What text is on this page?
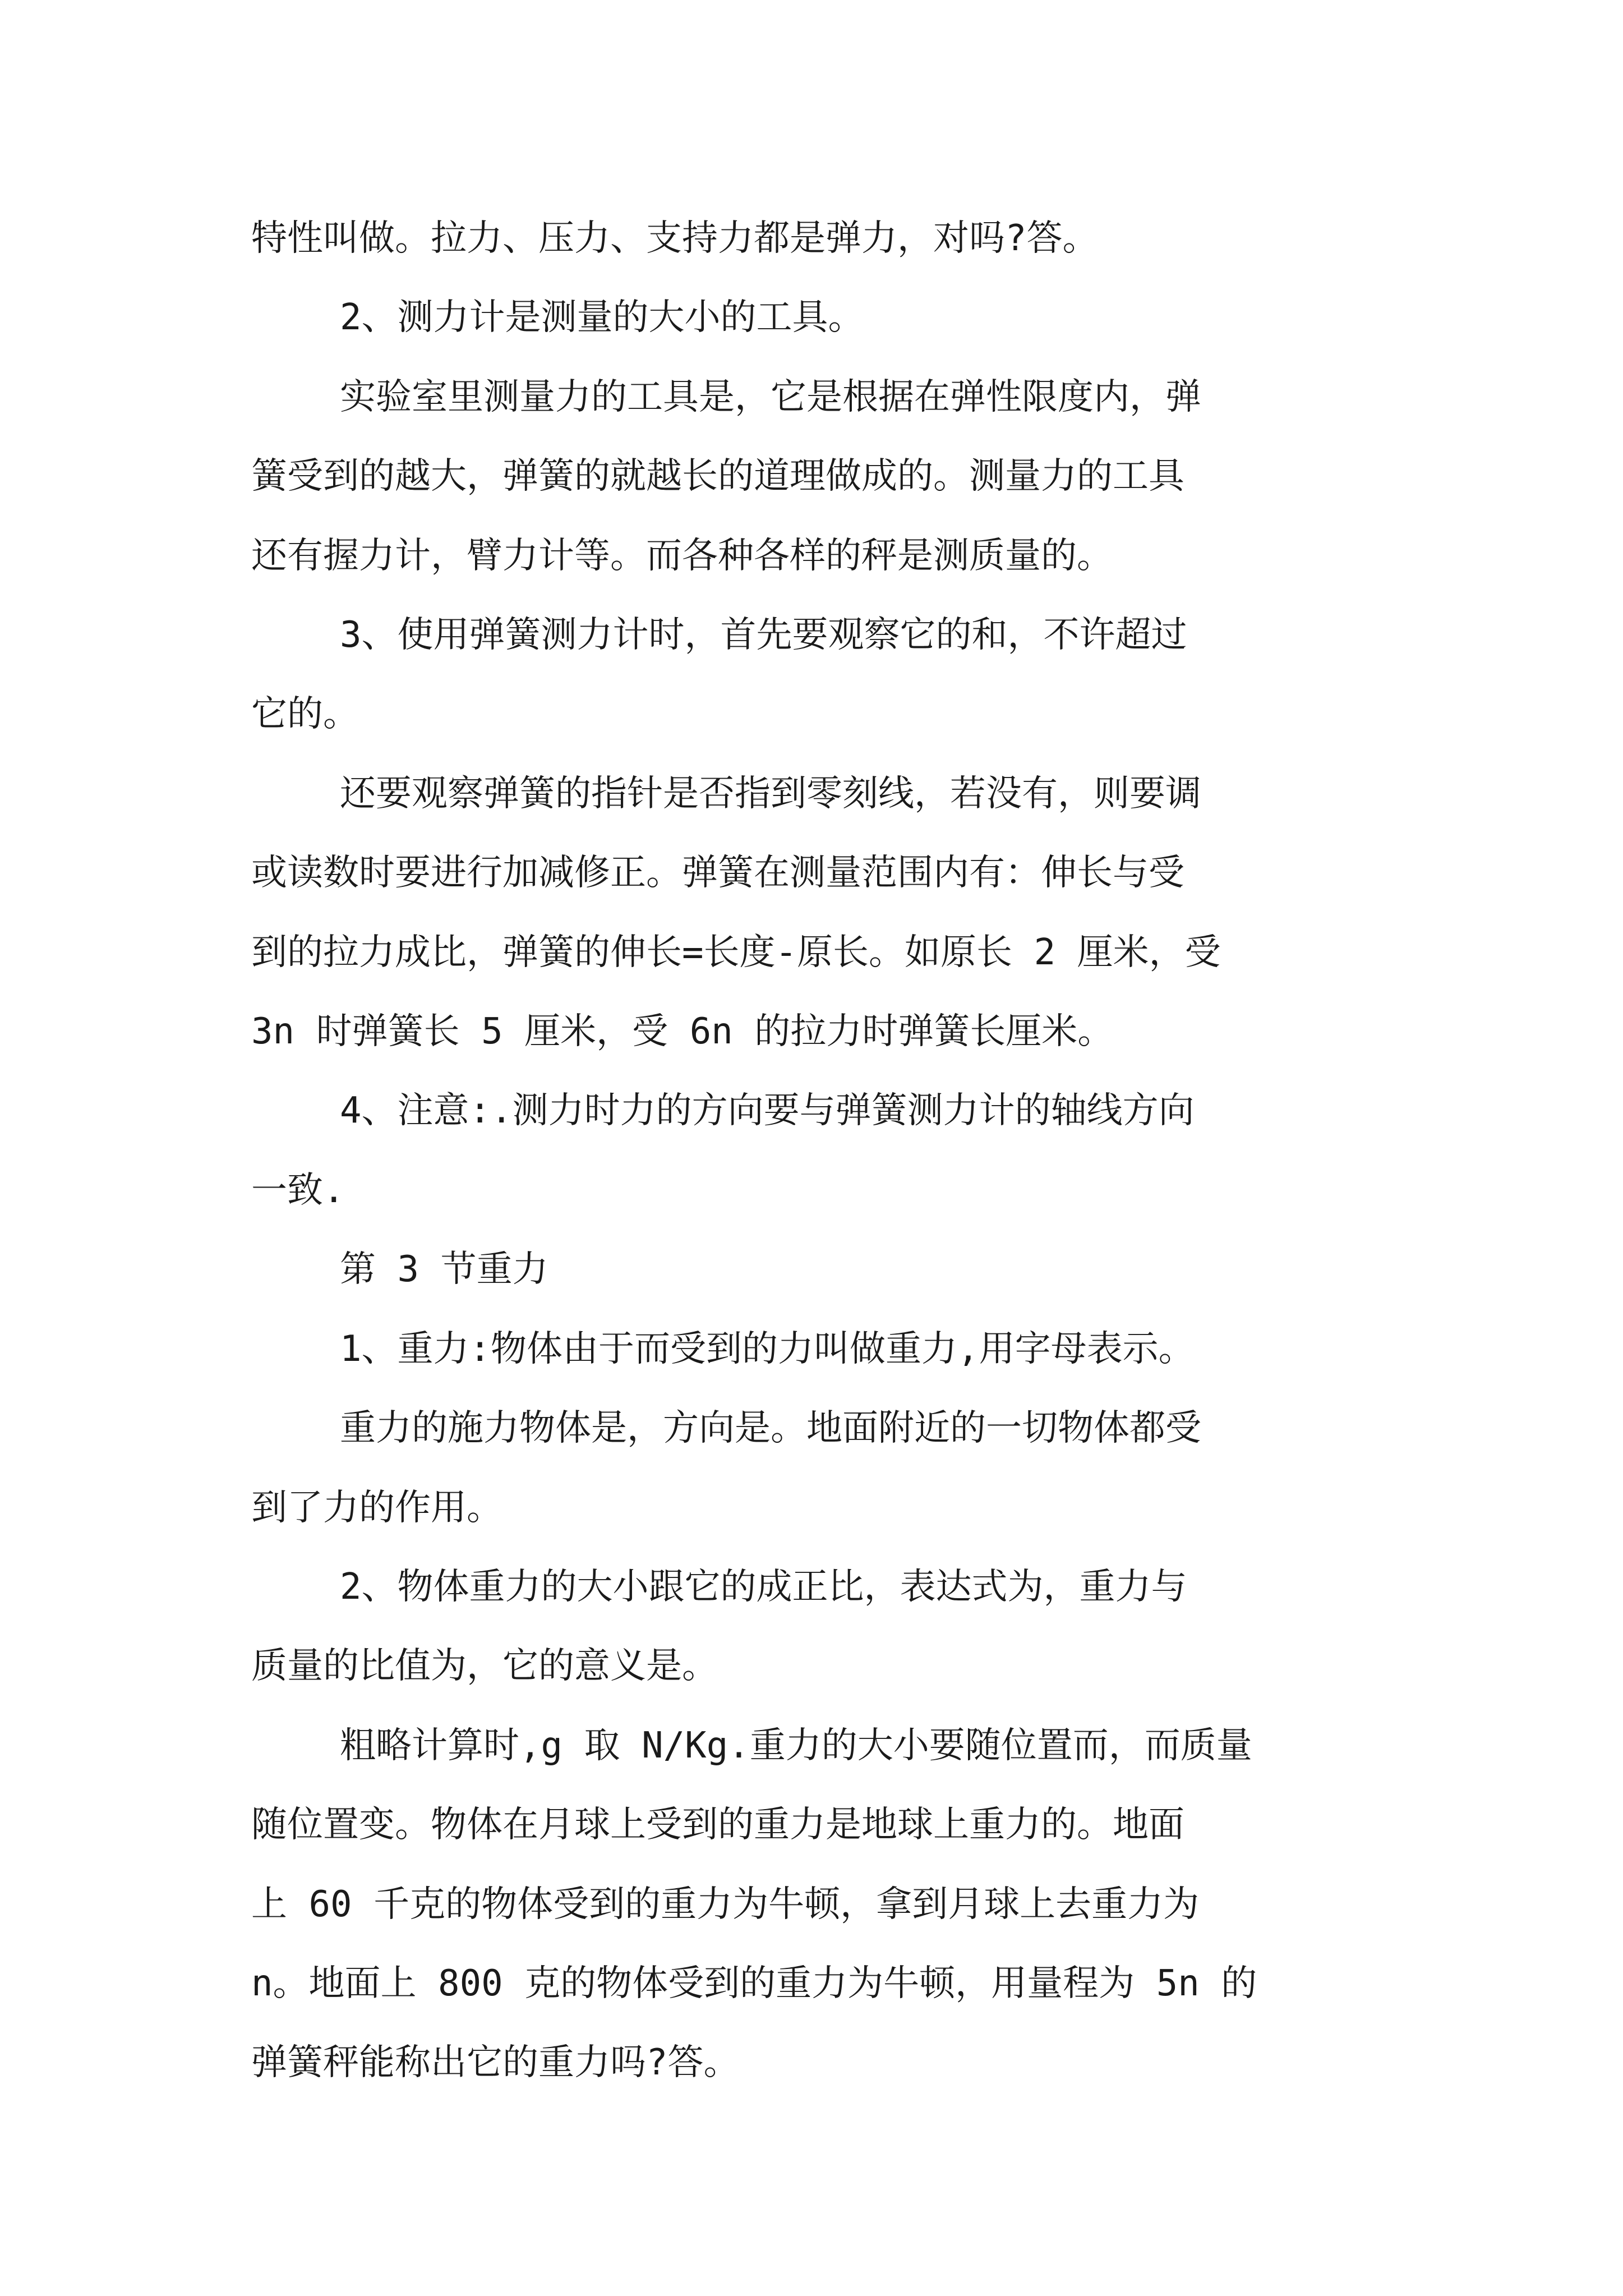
特性叫做。拉力、压力、支持力都是弹力，对吗?答。
2、测力计是测量的大小的工具。
实验室里测量力的工具是，它是根据在弹性限度内，弹
簧受到的越大，弹簧的就越长的道理做成的。测量力的工具
还有握力计，臂力计等。而各种各样的秤是测质量的。
3、使用弹簧测力计时，首先要观察它的和，不许超过
它的。
还要观察弹簧的指针是否指到零刻线，若没有，则要调
或读数时要进行加减修正。弹簧在测量范围内有：伸长与受
到的拉力成比，弹簧的伸长=长度-原长。如原长 2 厘米，受
3n 时弹簧长 5 厘米，受 6n 的拉力时弹簧长厘米。
4、注意:.测力时力的方向要与弹簧测力计的轴线方向
一致.
第 3 节重力
1、重力:物体由于而受到的力叫做重力,用字母表示。
重力的施力物体是，方向是。地面附近的一切物体都受
到了力的作用。
2、物体重力的大小跟它的成正比，表达式为，重力与
质量的比值为，它的意义是。
粗略计算时,g 取 N/Kg.重力的大小要随位置而，而质量
随位置变。物体在月球上受到的重力是地球上重力的。地面
上 60 千克的物体受到的重力为牛顿，拿到月球上去重力为
n。地面上 800 克的物体受到的重力为牛顿，用量程为 5n 的
弹簧秤能称出它的重力吗?答。
